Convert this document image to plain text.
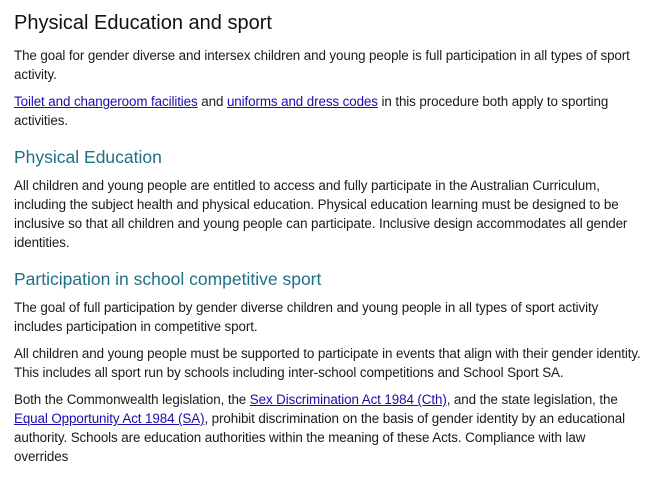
Physical Education and sport

The goal for gender diverse and intersex children and young people is full participation in all types of sport activity.

Toilet and changeroom facilities and uniforms and dress codes in this procedure both apply to sporting activities.

Physical Education

All children and young people are entitled to access and fully participate in the Australian Curriculum, including the subject health and physical education. Physical education learning must be designed to be inclusive so that all children and young people can participate. Inclusive design accommodates all gender identities.

Participation in school competitive sport

The goal of full participation by gender diverse children and young people in all types of sport activity includes participation in competitive sport.

All children and young people must be supported to participate in events that align with their gender identity. This includes all sport run by schools including inter-school competitions and School Sport SA.

Both the Commonwealth legislation, the Sex Discrimination Act 1984 (Cth), and the state legislation, the Equal Opportunity Act 1984 (SA), prohibit discrimination on the basis of gender identity by an educational authority. Schools are education authorities within the meaning of these Acts. Compliance with law overrides
